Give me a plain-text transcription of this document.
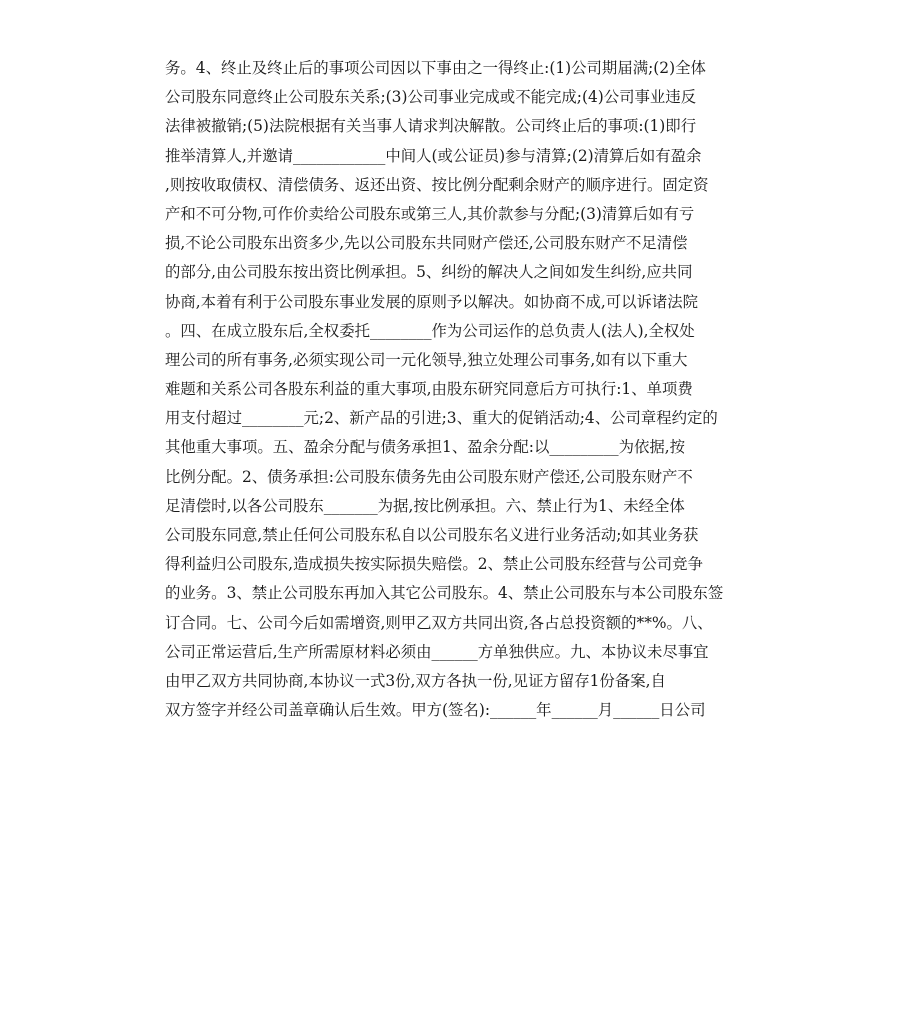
务。4、终止及终止后的事项公司因以下事由之一得终止:(1)公司期届满;(2)全体
公司股东同意终止公司股东关系;(3)公司事业完成或不能完成;(4)公司事业违反
法律被撤销;(5)法院根据有关当事人请求判决解散。公司终止后的事项:(1)即行
推举清算人,并邀请____________中间人(或公证员)参与清算;(2)清算后如有盈余
,则按收取债权、清偿债务、返还出资、按比例分配剩余财产的顺序进行。固定资
产和不可分物,可作价卖给公司股东或第三人,其价款参与分配;(3)清算后如有亏
损,不论公司股东出资多少,先以公司股东共同财产偿还,公司股东财产不足清偿
的部分,由公司股东按出资比例承担。5、纠纷的解决人之间如发生纠纷,应共同
协商,本着有利于公司股东事业发展的原则予以解决。如协商不成,可以诉诸法院
。四、在成立股东后,全权委托________作为公司运作的总负责人(法人),全权处
理公司的所有事务,必须实现公司一元化领导,独立处理公司事务,如有以下重大
难题和关系公司各股东利益的重大事项,由股东研究同意后方可执行:1、单项费
用支付超过________元;2、新产品的引进;3、重大的促销活动;4、公司章程约定的
其他重大事项。五、盈余分配与债务承担1、盈余分配:以_________为依据,按
比例分配。2、债务承担:公司股东债务先由公司股东财产偿还,公司股东财产不
足清偿时,以各公司股东_______为据,按比例承担。六、禁止行为1、未经全体
公司股东同意,禁止任何公司股东私自以公司股东名义进行业务活动;如其业务获
得利益归公司股东,造成损失按实际损失赔偿。2、禁止公司股东经营与公司竞争
的业务。3、禁止公司股东再加入其它公司股东。4、禁止公司股东与本公司股东签
订合同。七、公司今后如需增资,则甲乙双方共同出资,各占总投资额的**%。八、
公司正常运营后,生产所需原材料必须由______方单独供应。九、本协议未尽事宜
由甲乙双方共同协商,本协议一式3份,双方各执一份,见证方留存1份备案,自
双方签字并经公司盖章确认后生效。甲方(签名):______年______月______日公司
